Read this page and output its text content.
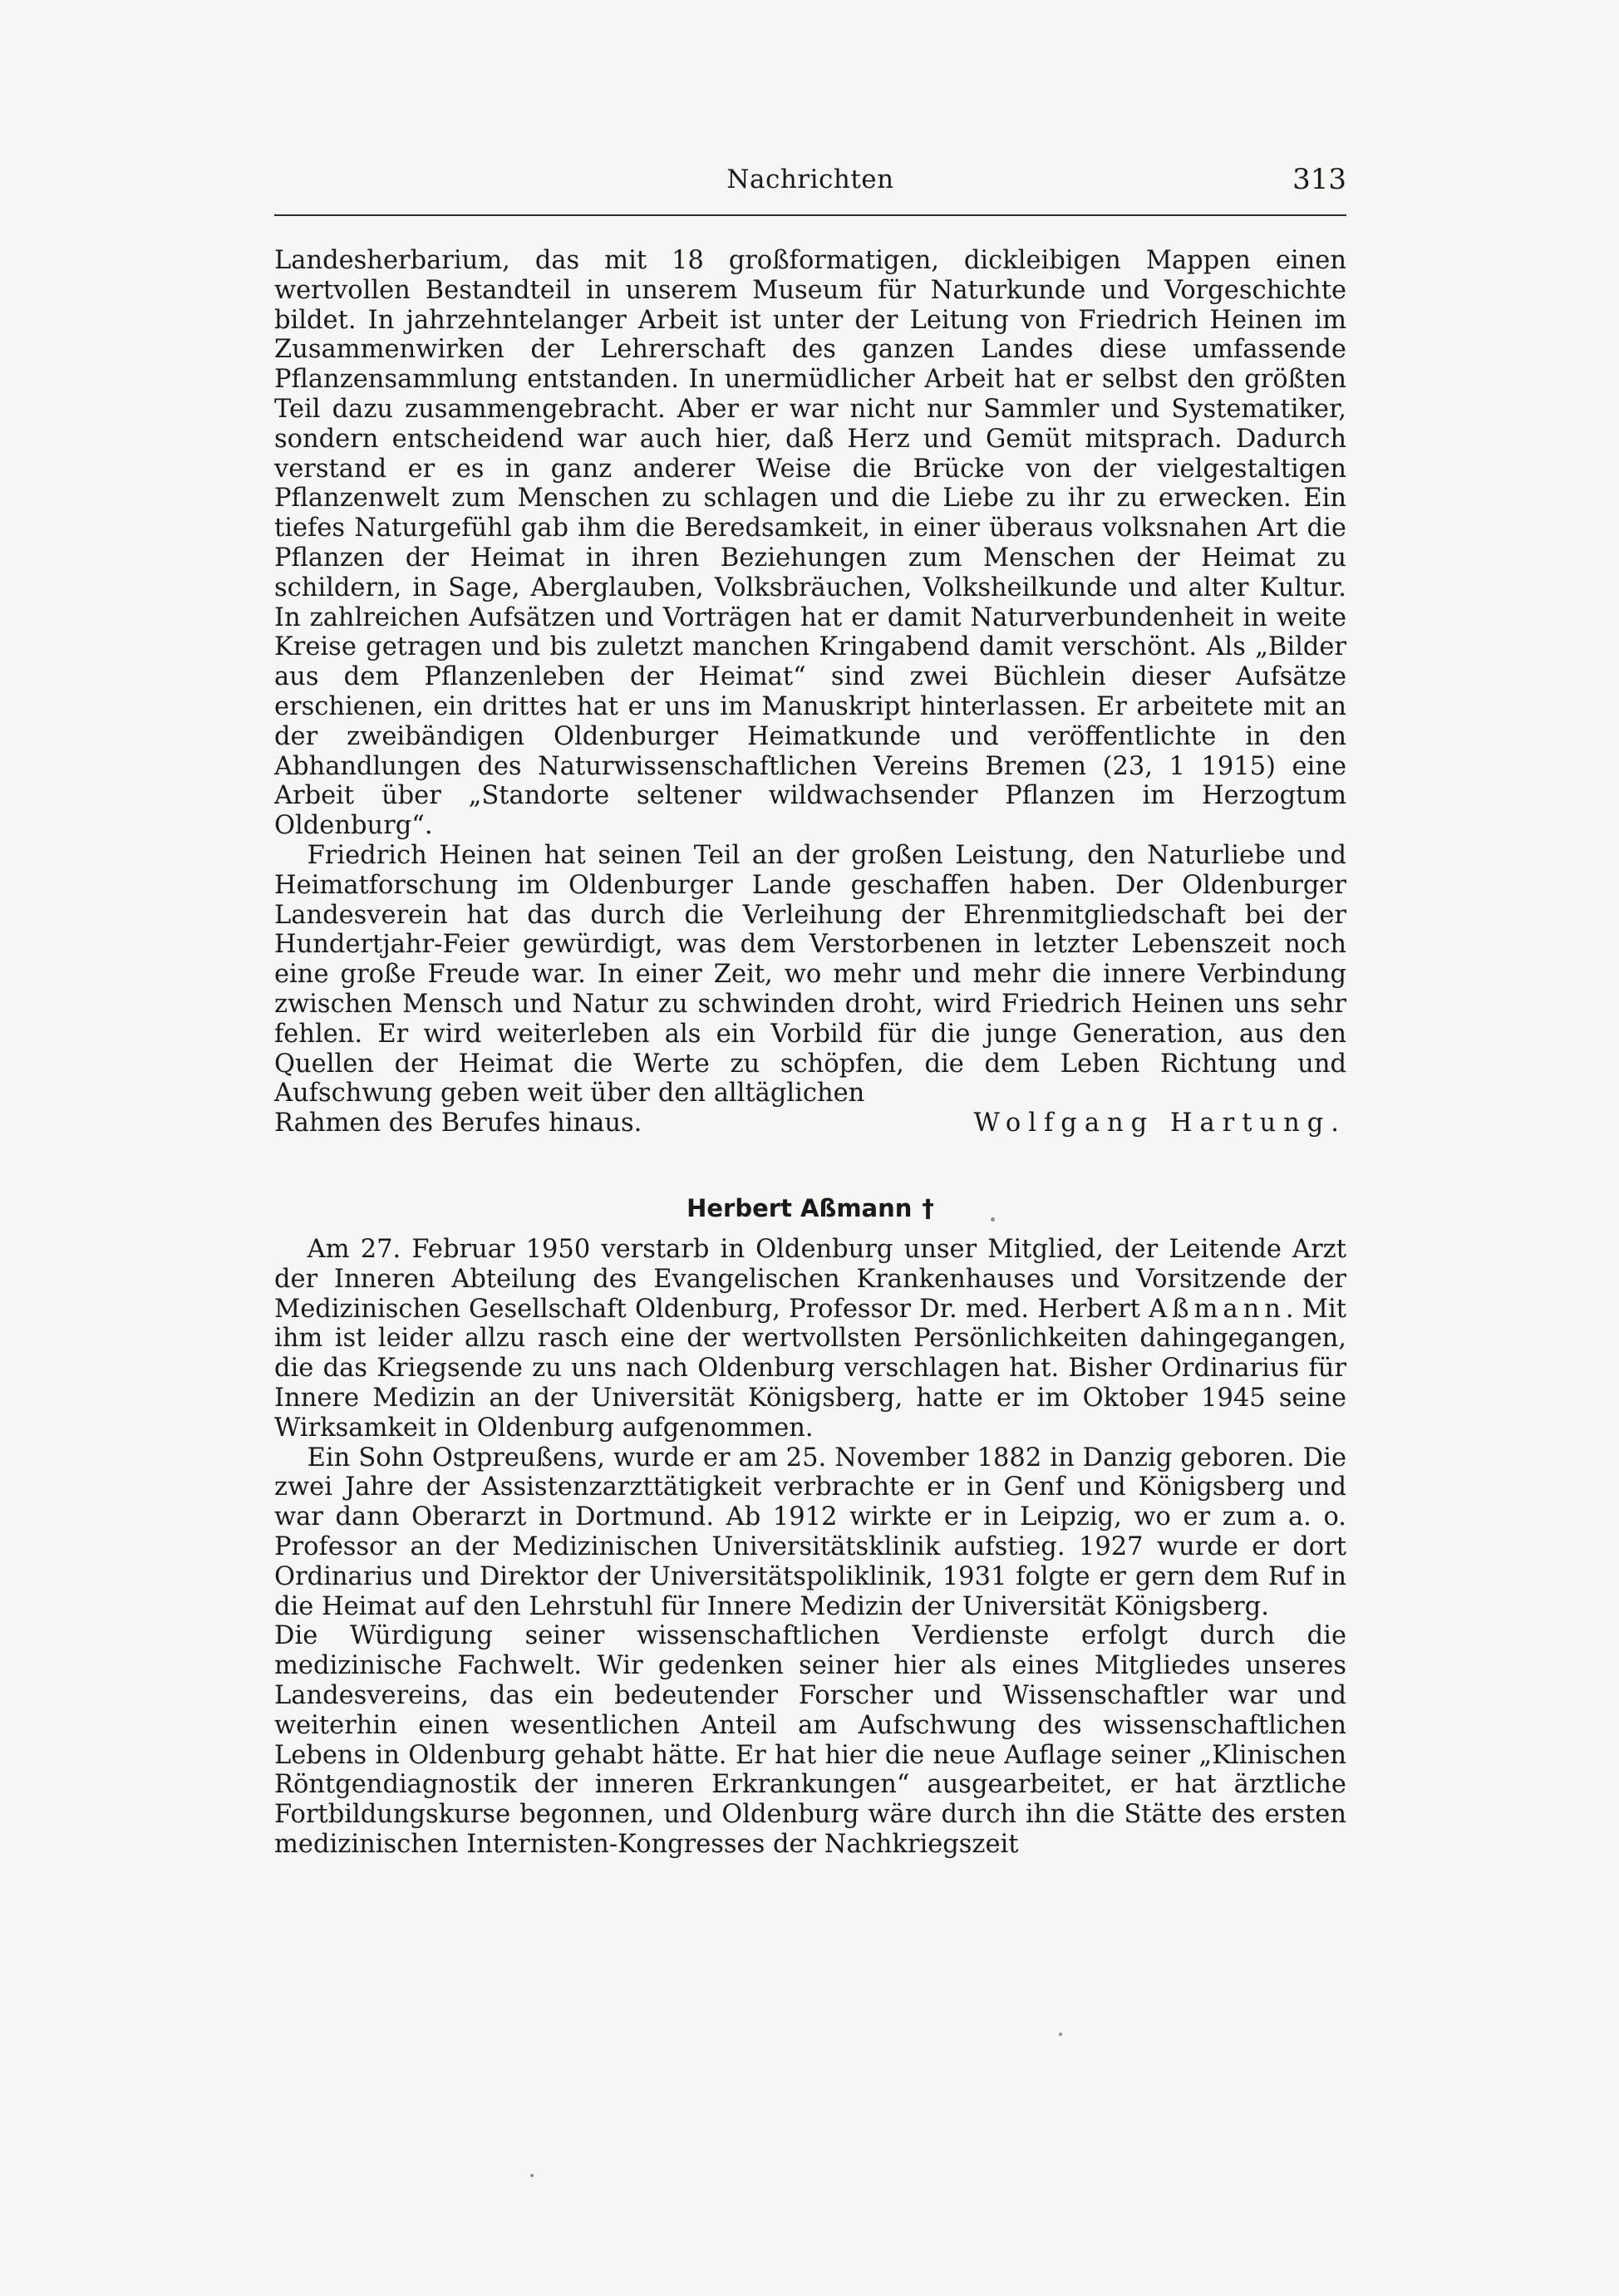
Nachrichten	313

Landesherbarium, das mit 18 großformatigen, dickleibigen Mappen einen wertvollen Bestandteil in unserem Museum für Naturkunde und Vorgeschichte bildet. In jahrzehntelanger Arbeit ist unter der Leitung von Friedrich Heinen im Zusammenwirken der Lehrerschaft des ganzen Landes diese umfassende Pflanzensammlung entstanden. In unermüdlicher Arbeit hat er selbst den größten Teil dazu zusammengebracht. Aber er war nicht nur Sammler und Systematiker, sondern entscheidend war auch hier, daß Herz und Gemüt mitsprach. Dadurch verstand er es in ganz anderer Weise die Brücke von der vielgestaltigen Pflanzenwelt zum Menschen zu schlagen und die Liebe zu ihr zu erwecken. Ein tiefes Naturgefühl gab ihm die Beredsamkeit, in einer überaus volksnahen Art die Pflanzen der Heimat in ihren Beziehungen zum Menschen der Heimat zu schildern, in Sage, Aberglauben, Volksbräuchen, Volksheilkunde und alter Kultur. In zahlreichen Aufsätzen und Vorträgen hat er damit Naturverbundenheit in weite Kreise getragen und bis zuletzt manchen Kringabend damit verschönt. Als „Bilder aus dem Pflanzenleben der Heimat“ sind zwei Büchlein dieser Aufsätze erschienen, ein drittes hat er uns im Manuskript hinterlassen. Er arbeitete mit an der zweibändigen Oldenburger Heimatkunde und veröffentlichte in den Abhandlungen des Naturwissenschaftlichen Vereins Bremen (23, 1 1915) eine Arbeit über „Standorte seltener wildwachsender Pflanzen im Herzogtum Oldenburg“.

Friedrich Heinen hat seinen Teil an der großen Leistung, den Naturliebe und Heimatforschung im Oldenburger Lande geschaffen haben. Der Oldenburger Landesverein hat das durch die Verleihung der Ehrenmitgliedschaft bei der Hundertjahr-Feier gewürdigt, was dem Verstorbenen in letzter Lebenszeit noch eine große Freude war. In einer Zeit, wo mehr und mehr die innere Verbindung zwischen Mensch und Natur zu schwinden droht, wird Friedrich Heinen uns sehr fehlen. Er wird weiterleben als ein Vorbild für die junge Generation, aus den Quellen der Heimat die Werte zu schöpfen, die dem Leben Richtung und Aufschwung geben weit über den alltäglichen

Rahmen des Berufes hinaus.	Wolfgang Hartung.
Herbert Aßmann †

Am 27. Februar 1950 verstarb in Oldenburg unser Mitglied, der Leitende Arzt der Inneren Abteilung des Evangelischen Krankenhauses und Vorsitzende der Medizinischen Gesellschaft Oldenburg, Professor Dr. med. Herbert Aßmann. Mit ihm ist leider allzu rasch eine der wertvollsten Persönlichkeiten dahingegangen, die das Kriegsende zu uns nach Oldenburg verschlagen hat. Bisher Ordinarius für Innere Medizin an der Universität Königsberg, hatte er im Oktober 1945 seine Wirksamkeit in Oldenburg aufgenommen.

Ein Sohn Ostpreußens, wurde er am 25. November 1882 in Danzig geboren. Die zwei Jahre der Assistenzarzttätigkeit verbrachte er in Genf und Königsberg und war dann Oberarzt in Dortmund. Ab 1912 wirkte er in Leipzig, wo er zum a. o. Professor an der Medizinischen Universitätsklinik aufstieg. 1927 wurde er dort Ordinarius und Direktor der Universitätspoliklinik, 1931 folgte er gern dem Ruf in die Heimat auf den Lehrstuhl für Innere Medizin der Universität Königsberg.

Die Würdigung seiner wissenschaftlichen Verdienste erfolgt durch die medizinische Fachwelt. Wir gedenken seiner hier als eines Mitgliedes unseres Landesvereins, das ein bedeutender Forscher und Wissenschaftler war und weiterhin einen wesentlichen Anteil am Aufschwung des wissenschaftlichen Lebens in Oldenburg gehabt hätte. Er hat hier die neue Auflage seiner „Klinischen Röntgendiagnostik der inneren Erkrankungen“ ausgearbeitet, er hat ärztliche Fortbildungskurse begonnen, und Oldenburg wäre durch ihn die Stätte des ersten medizinischen Internisten-Kongresses der Nachkriegszeit
